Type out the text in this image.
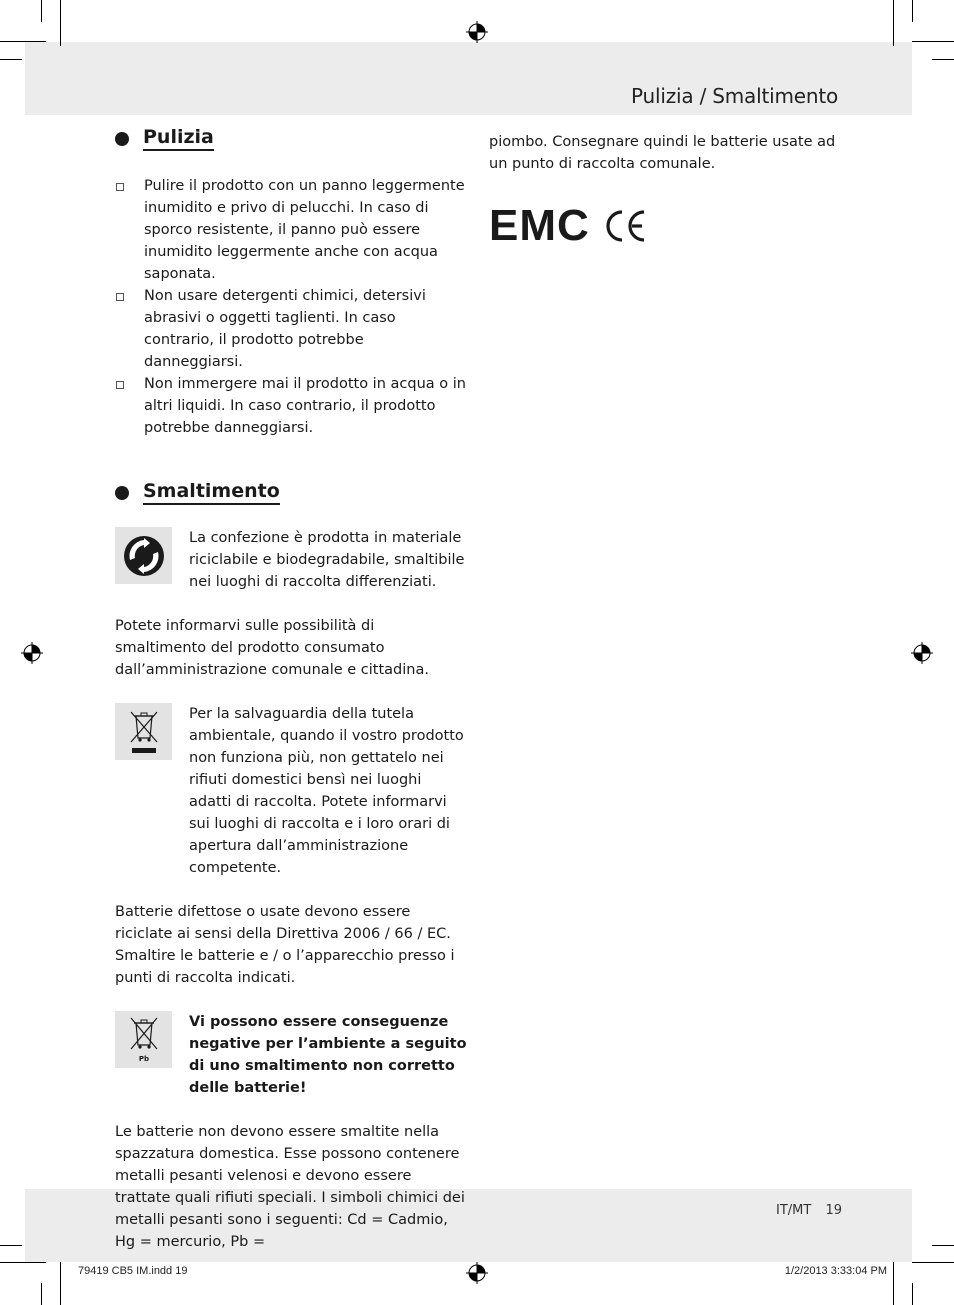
Pulizia / Smaltimento
Pulizia
Pulire il prodotto con un panno leggermente inumidito e privo di pelucchi. In caso di sporco resistente, il panno può essere inumidito leggermente anche con acqua saponata.
Non usare detergenti chimici, detersivi abrasivi o oggetti taglienti. In caso contrario, il prodotto potrebbe danneggiarsi.
Non immergere mai il prodotto in acqua o in altri liquidi. In caso contrario, il prodotto potrebbe danneggiarsi.
Smaltimento

La confezione è prodotta in materiale riciclabile e biodegradabile, smaltibile nei luoghi di raccolta differenziati.

Potete informarvi sulle possibilità di smaltimento del prodotto consumato dall’amministrazione comunale e cittadina.

Per la salvaguardia della tutela ambientale, quando il vostro prodotto non funziona più, non gettatelo nei rifiuti domestici bensì nei luoghi adatti di raccolta. Potete informarvi sui luoghi di raccolta e i loro orari di apertura dall’amministrazione competente.

Batterie difettose o usate devono essere riciclate ai sensi della Direttiva 2006 / 66 / EC. Smaltire le batterie e / o l’apparecchio presso i punti di raccolta indicati.

Pb

Vi possono essere conseguenze negative per l’ambiente a seguito di uno smaltimento non corretto delle batterie!

Le batterie non devono essere smaltite nella spazzatura domestica. Esse possono contenere metalli pesanti velenosi e devono essere trattate quali rifiuti speciali. I simboli chimici dei metalli pesanti sono i seguenti: Cd = Cadmio, Hg = mercurio, Pb =

piombo. Consegnare quindi le batterie usate ad un punto di raccolta comunale.

EMC
IT/MT 19
79419 CB5 IM.indd 19	1/2/2013 3:33:04 PM
